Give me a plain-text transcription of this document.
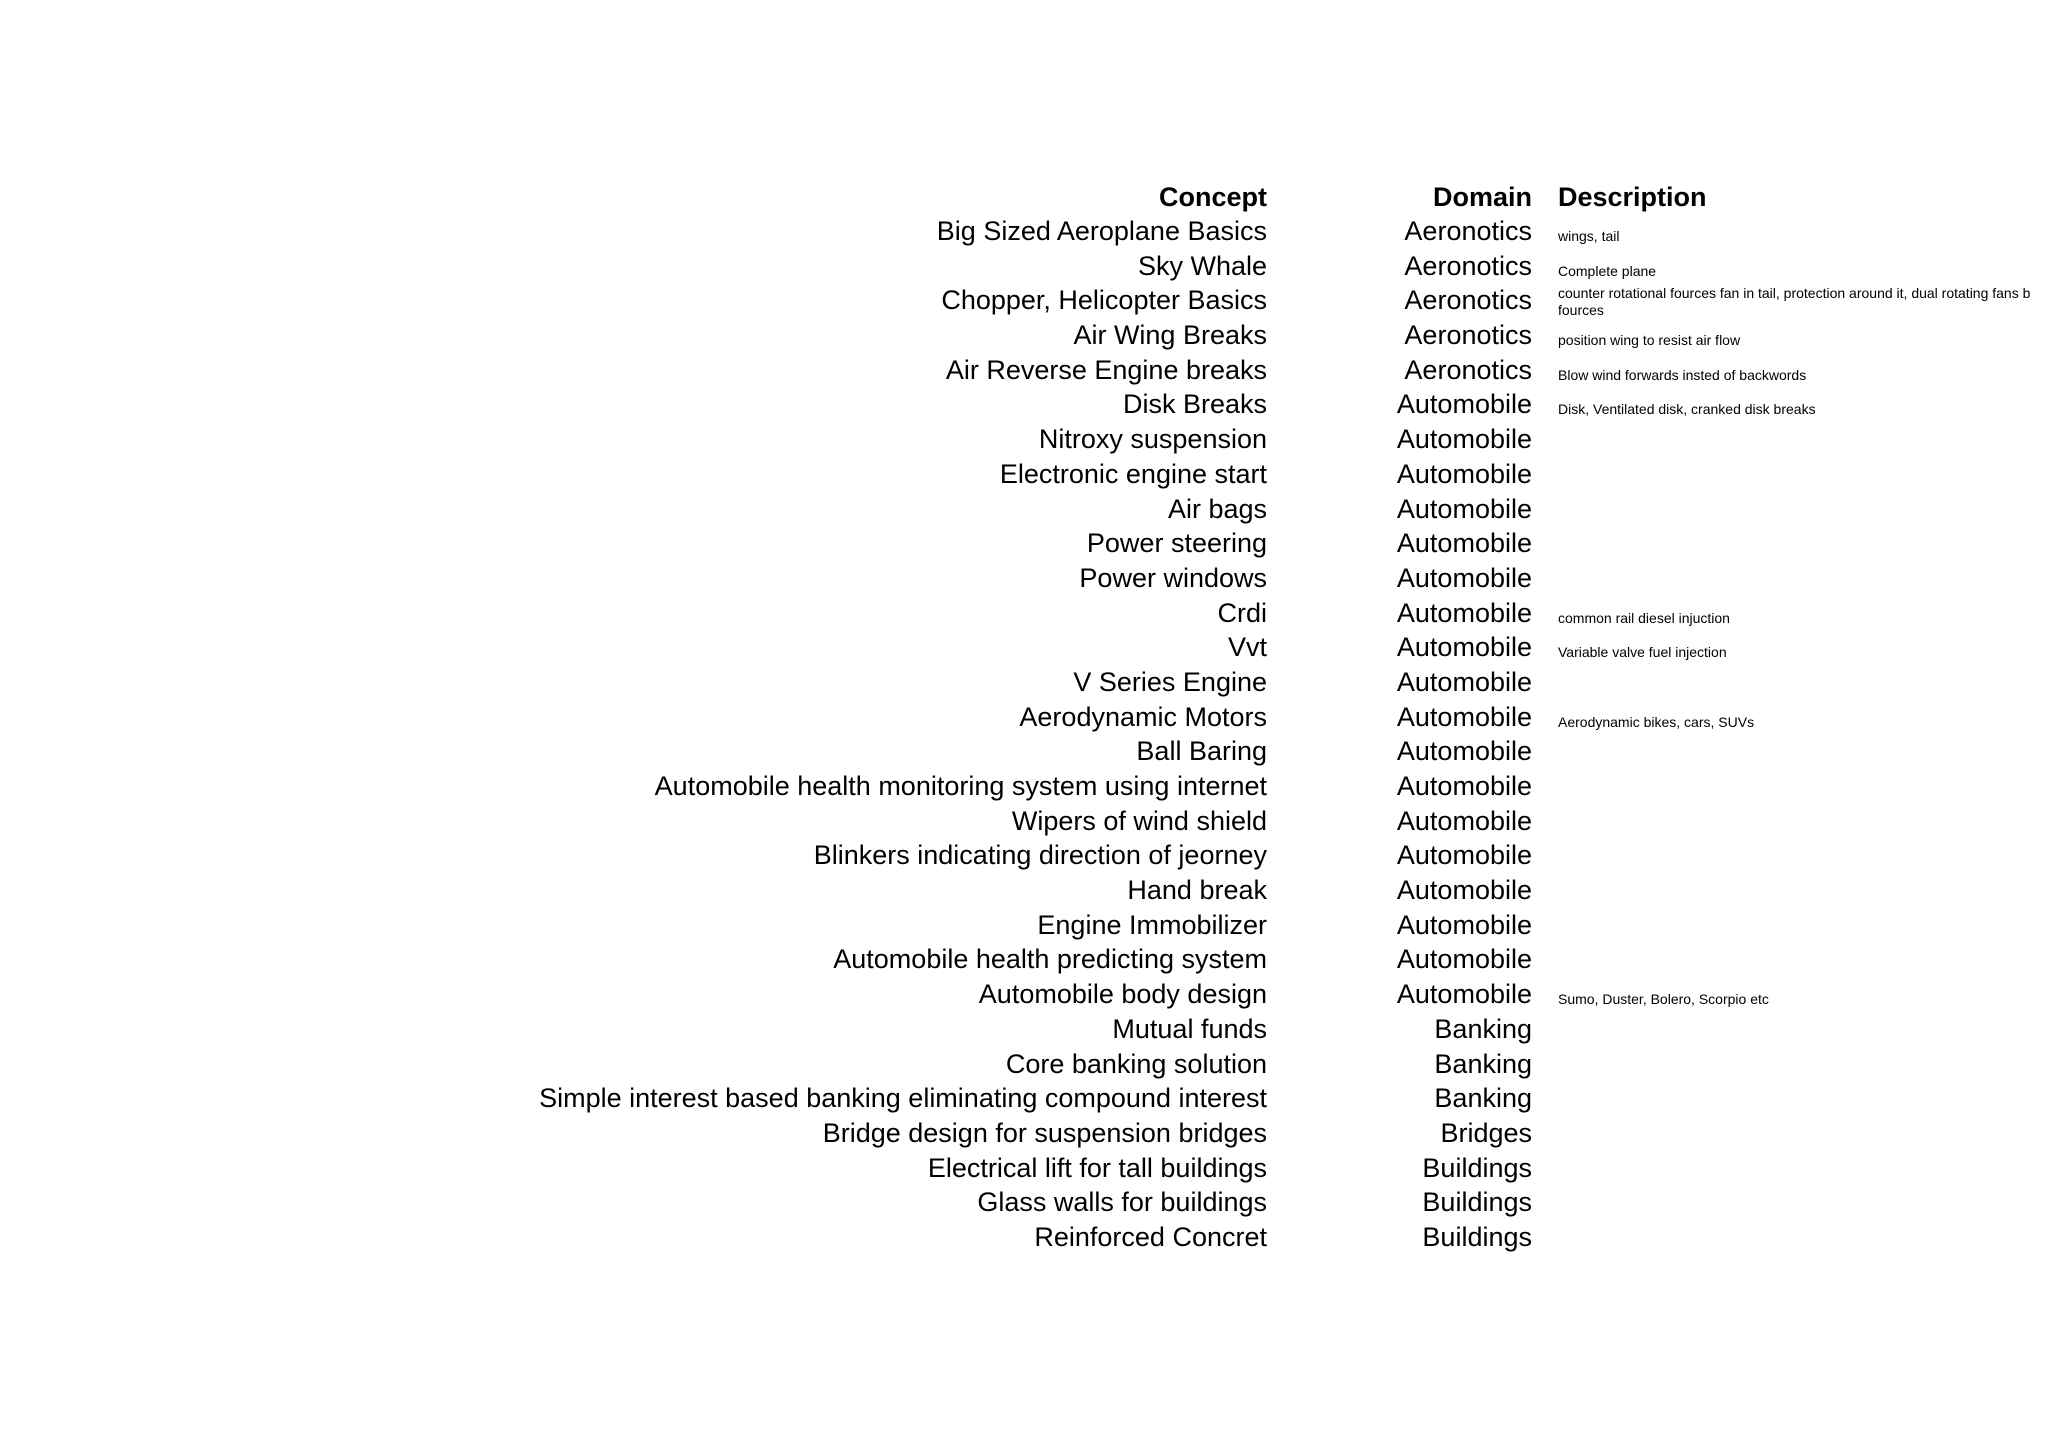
Concept	Domain Description
Big Sized Aeroplane Basics	Aeronotics wings, tail
Sky Whale	Aeronotics Complete plane
Chopper, Helicopter Basics	Aeronotics counter rotational fources fan in tail, protection around it, dual rotating fans b
fources
Air Wing Breaks	Aeronotics position wing to resist air flow
Air Reverse Engine breaks	Aeronotics Blow wind forwards insted of backwords
Disk Breaks	Automobile Disk, Ventilated disk, cranked disk breaks
Nitroxy suspension	Automobile
Electronic engine start	Automobile
Air bags	Automobile
Power steering	Automobile
Power windows	Automobile
Crdi	Automobile common rail diesel injuction
Vvt	Automobile Variable valve fuel injection
V Series Engine	Automobile
Aerodynamic Motors	Automobile Aerodynamic bikes, cars, SUVs
Ball Baring	Automobile
Automobile health monitoring system using internet	Automobile
Wipers of wind shield	Automobile
Blinkers indicating direction of jeorney	Automobile
Hand break	Automobile
Engine Immobilizer	Automobile
Automobile health predicting system	Automobile
Automobile body design	Automobile Sumo, Duster, Bolero, Scorpio etc
Mutual funds	Banking
Core banking solution	Banking
Simple interest based banking eliminating compound interest	Banking
Bridge design for suspension bridges	Bridges
Electrical lift for tall buildings	Buildings
Glass walls for buildings	Buildings
Reinforced Concret	Buildings
